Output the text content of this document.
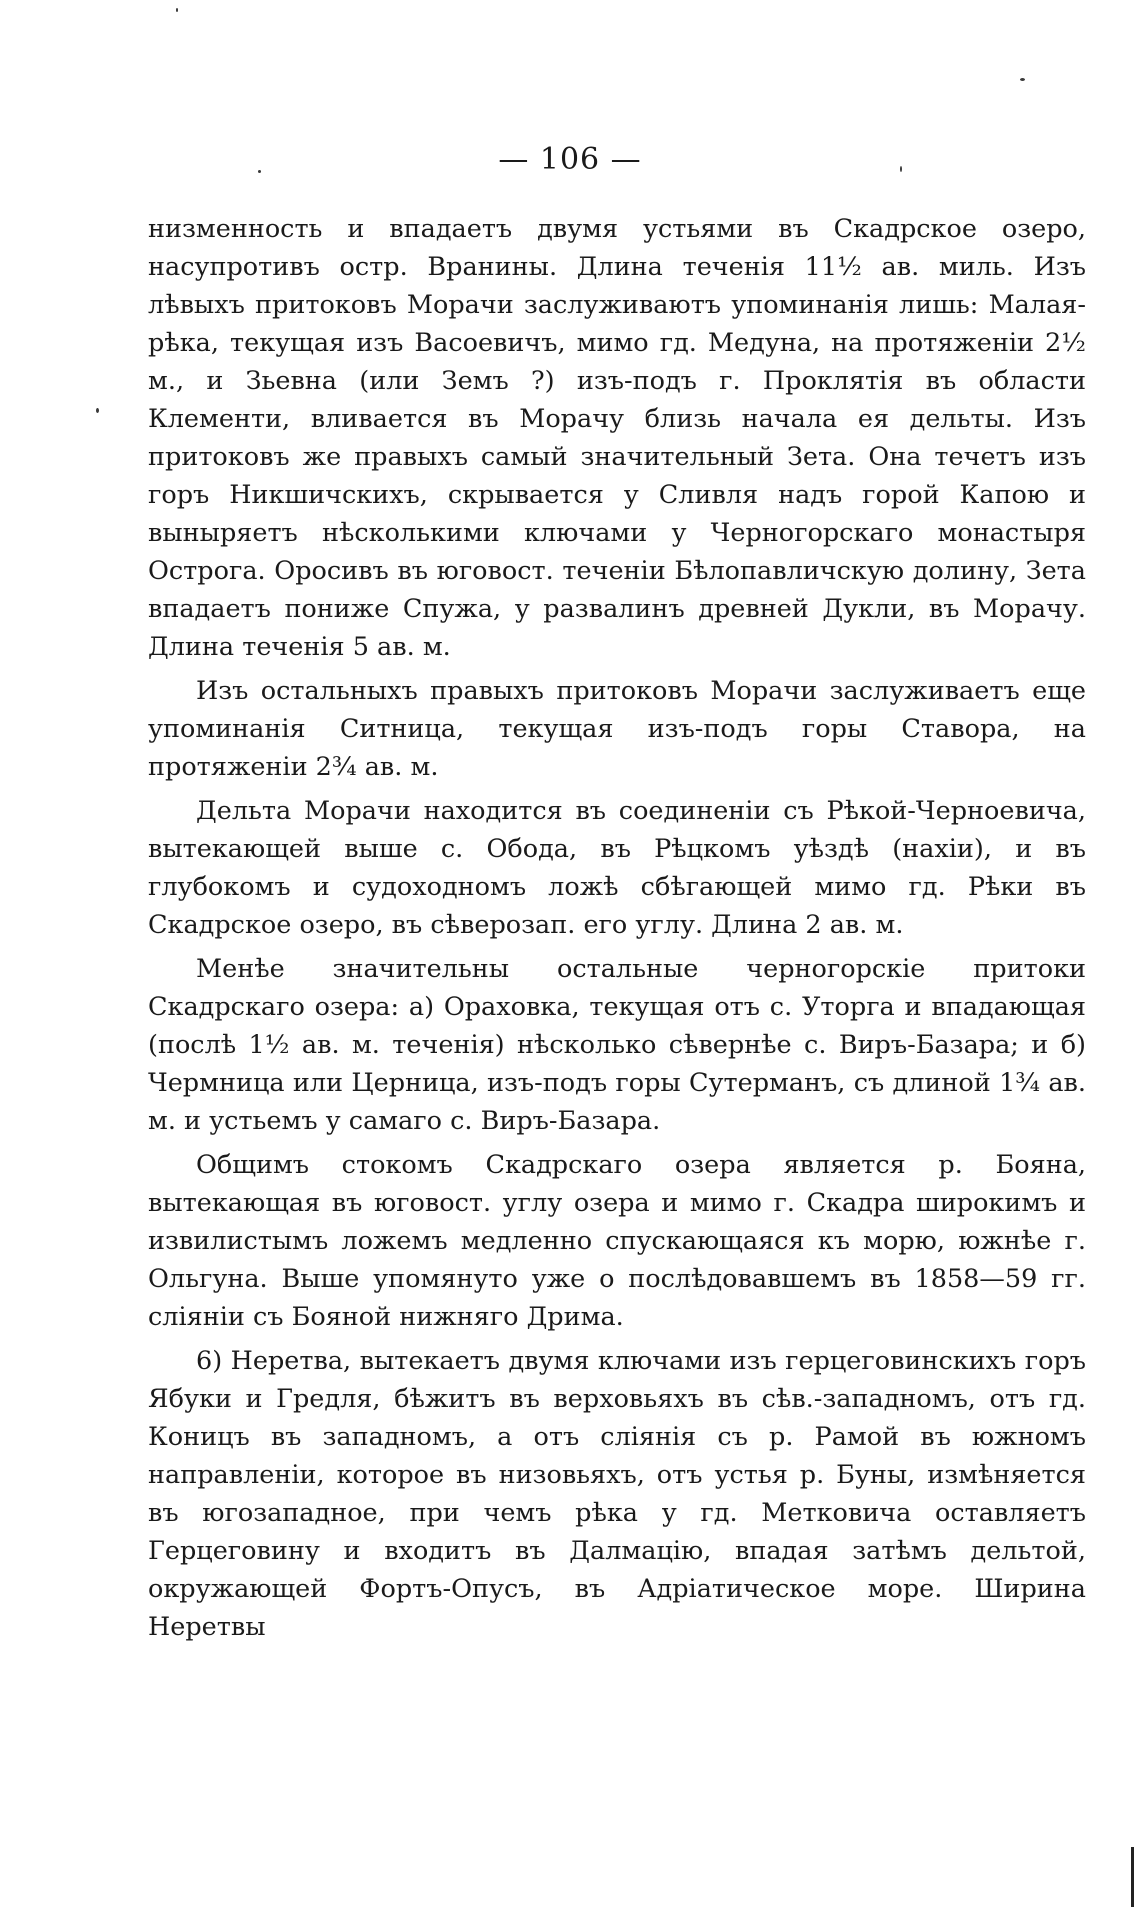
— 106 —

низменность и впадаетъ двумя устьями въ Скадрское озеро, насупротивъ остр. Вранины. Длина теченія 11½ ав. миль. Изъ лѣвыхъ притоковъ Морачи заслуживаютъ упоминанія лишь: Малая-рѣка, текущая изъ Васоевичъ, мимо гд. Медуна, на протяженіи 2½ м., и Зьевна (или Земъ ?) изъ-подъ г. Проклятія въ области Клементи, вливается въ Морачу близь начала ея дельты. Изъ притоковъ же правыхъ самый значительный Зета. Она течетъ изъ горъ Никшичскихъ, скрывается у Сливля надъ горой Капою и выныряетъ нѣсколькими ключами у Черногорскаго монастыря Острога. Оросивъ въ юговост. теченіи Бѣлопавличскую долину, Зета впадаетъ пониже Спужа, у развалинъ древней Дукли, въ Морачу. Длина теченія 5 ав. м.

Изъ остальныхъ правыхъ притоковъ Морачи заслуживаетъ еще упоминанія Ситница, текущая изъ-подъ горы Ставора, на протяженіи 2¾ ав. м.

Дельта Морачи находится въ соединеніи съ Рѣкой-Черноевича, вытекающей выше с. Обода, въ Рѣцкомъ уѣздѣ (нахіи), и въ глубокомъ и судоходномъ ложѣ сбѣгающей мимо гд. Рѣки въ Скадрское озеро, въ сѣверозап. его углу. Длина 2 ав. м.

Менѣе значительны остальные черногорскіе притоки Скадрскаго озера: а) Ораховка, текущая отъ с. Уторга и впадающая (послѣ 1½ ав. м. теченія) нѣсколько сѣвернѣе с. Виръ-Базара; и б) Чермница или Церница, изъ-подъ горы Сутерманъ, съ длиной 1¾ ав. м. и устьемъ у самаго с. Виръ-Базара.

Общимъ стокомъ Скадрскаго озера является р. Бояна, вытекающая въ юговост. углу озера и мимо г. Скадра широкимъ и извилистымъ ложемъ медленно спускающаяся къ морю, южнѣе г. Ольгуна. Выше упомянуто уже о послѣдовавшемъ въ 1858—59 гг. сліяніи съ Бояной нижняго Дрима.

6) Неретва, вытекаетъ двумя ключами изъ герцеговинскихъ горъ Ябуки и Гредля, бѣжитъ въ верховьяхъ въ сѣв.-западномъ, отъ гд. Коницъ въ западномъ, а отъ сліянія съ р. Рамой въ южномъ направленіи, которое въ низовьяхъ, отъ устья р. Буны, измѣняется въ югозападное, при чемъ рѣка у гд. Метковича оставляетъ Герцеговину и входитъ въ Далмацію, впадая затѣмъ дельтой, окружающей Фортъ-Опусъ, въ Адріатическое море. Ширина Неретвы
